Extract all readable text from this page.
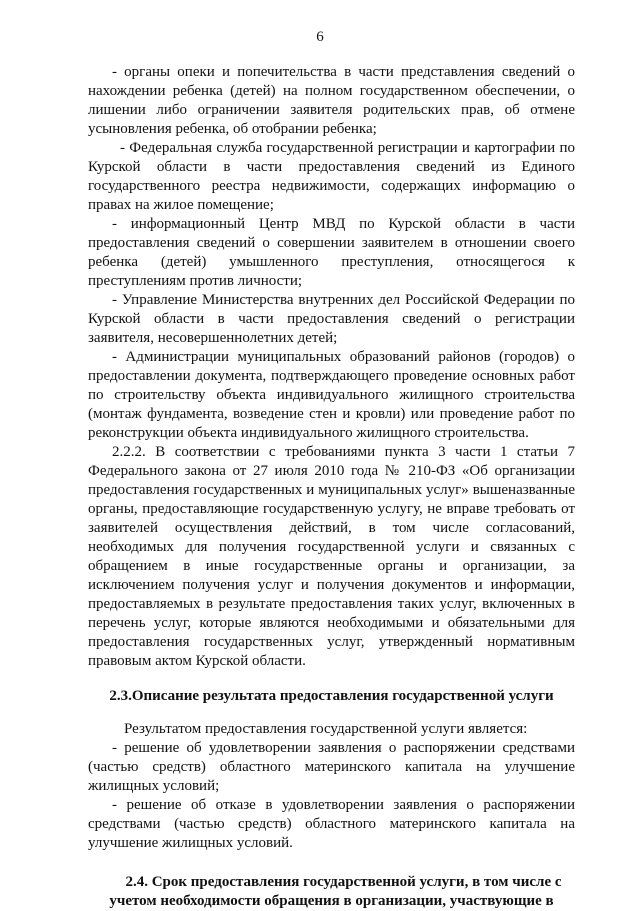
6

- органы опеки и попечительства в части представления сведений о нахождении ребенка (детей) на полном государственном обеспечении, о лишении либо ограничении заявителя родительских прав, об отмене усыновления ребенка, об отобрании ребенка;

- Федеральная служба государственной регистрации и картографии по Курской области в части предоставления сведений из Единого государственного реестра недвижимости, содержащих информацию о правах на жилое помещение;

- информационный Центр МВД по Курской области в части предоставления сведений о совершении заявителем в отношении своего ребенка (детей) умышленного преступления, относящегося к преступлениям против личности;

- Управление Министерства внутренних дел Российской Федерации по Курской области в части предоставления сведений о регистрации заявителя, несовершеннолетних детей;

- Администрации муниципальных образований районов (городов) о предоставлении документа, подтверждающего проведение основных работ по строительству объекта индивидуального жилищного строительства (монтаж фундамента, возведение стен и кровли) или проведение работ по реконструкции объекта индивидуального жилищного строительства.

2.2.2. В соответствии с требованиями пункта 3 части 1 статьи 7 Федерального закона от 27 июля 2010 года № 210-ФЗ «Об организации предоставления государственных и муниципальных услуг» вышеназванные органы, предоставляющие государственную услугу, не вправе требовать от заявителей осуществления действий, в том числе согласований, необходимых для получения государственной услуги и связанных с обращением в иные государственные органы и организации, за исключением получения услуг и получения документов и информации, предоставляемых в результате предоставления таких услуг, включенных в перечень услуг, которые являются необходимыми и обязательными для предоставления государственных услуг, утвержденный нормативным правовым актом Курской области.

2.3.Описание результата предоставления государственной услуги

Результатом предоставления государственной услуги является:

- решение об удовлетворении заявления о распоряжении средствами (частью средств) областного материнского капитала на улучшение жилищных условий;

- решение об отказе в удовлетворении заявления о распоряжении средствами (частью средств) областного материнского капитала на улучшение жилищных условий.

2.4. Срок предоставления государственной услуги, в том числе с учетом необходимости обращения в организации, участвующие в
